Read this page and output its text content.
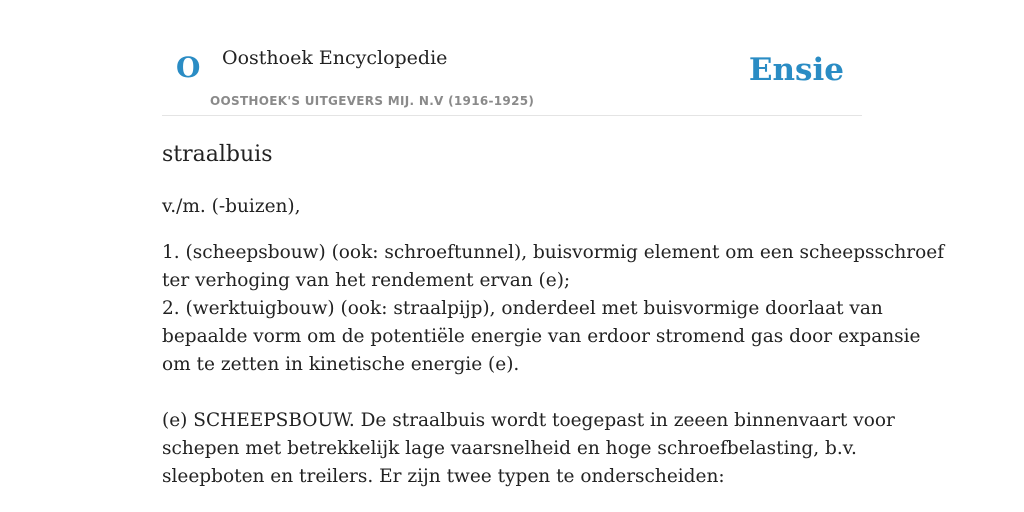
O Oosthoek Encyclopedie

OOSTHOEK'S UITGEVERS MIJ. N.V (1916-1925)

Ensie
straalbuis

v./m. (-buizen),

1. (scheepsbouw) (ook: schroeftunnel), buisvormig element om een scheepsschroef
ter verhoging van het rendement ervan (e);
2. (werktuigbouw) (ook: straalpijp), onderdeel met buisvormige doorlaat van
bepaalde vorm om de potentiële energie van erdoor stromend gas door expansie
om te zetten in kinetische energie (e).

(e) SCHEEPSBOUW. De straalbuis wordt toegepast in zeeen binnenvaart voor
schepen met betrekkelijk lage vaarsnelheid en hoge schroefbelasting, b.v.
sleepboten en treilers. Er zijn twee typen te onderscheiden:
